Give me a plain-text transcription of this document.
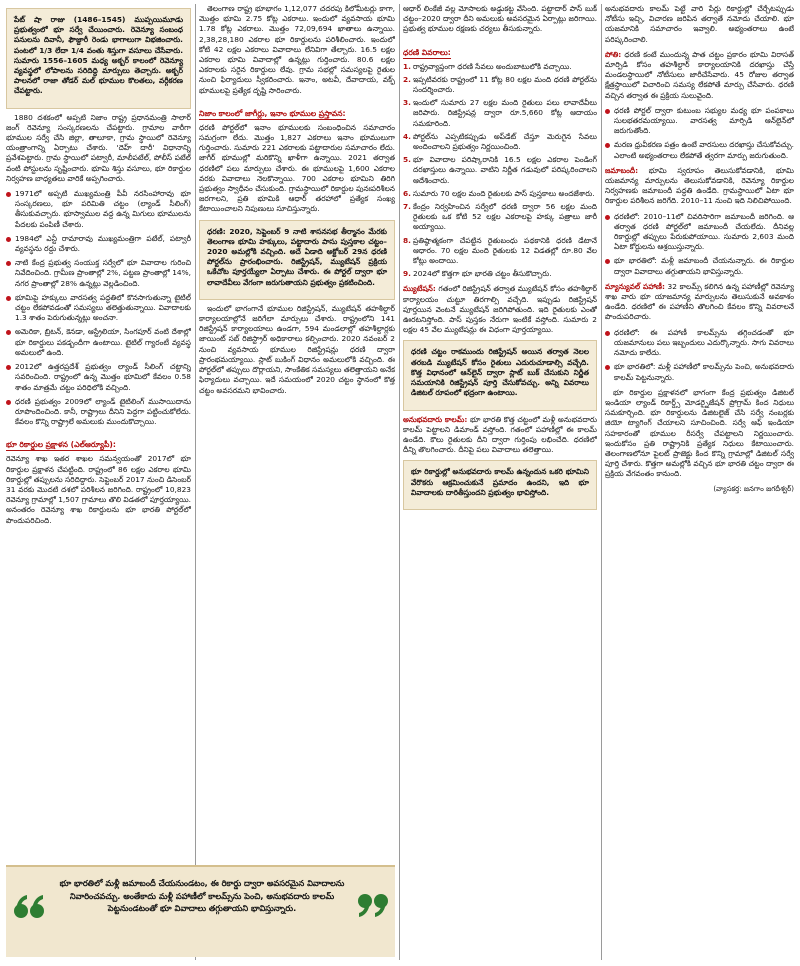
పేట్ షా రాజు (1486–1545) ముప్పయిమూడు ప్రభుత్వంలో భూ సర్వే చేయించారు. రెవెన్యూ సంబంధ పనులను దివానీ, ఫౌజ్దారీ రెండు భాగాలుగా విభజించారు. పంటలో 1/3 లేదా 1/4 వంతు శిస్తుగా వసూలు చేసేవారు. సుమారు 1556–1605 మధ్య అక్బర్ కాలంలో రెవెన్యూ వ్యవస్థలో లోపాలను సరిదిద్ది మార్పులు తెచ్చారు. అక్బర్ పాలనలో రాజా తోడర్ మల్ భూముల కొలతలు, వర్గీకరణ చేపట్టారు.

1880 దశకంలో అప్పటి నిజాం రాష్ట్ర ప్రధానమంత్రి సాలార్ జంగ్ రెవెన్యూ సంస్కరణలను చేపట్టారు. గ్రామాల వారీగా భూముల సర్వే చేసి జిల్లా, తాలూకా, గ్రామ స్థాయిలో రెవెన్యూ యంత్రాంగాన్ని ఏర్పాటు చేశారు. 'దెహ్ దారీ' విధానాన్ని ప్రవేశపెట్టారు. గ్రామ స్థాయిలో పట్వారీ, మాలీపటేల్, పోలీస్ పటేల్ వంటి పోస్టులను సృష్టించారు. భూమి శిస్తు వసూలు, భూ రికార్డుల నిర్వహణ బాధ్యతలు వారికే అప్పగించారు.

1971లో అప్పటి ముఖ్యమంత్రి పీవీ నరసింహారావు భూ సంస్కరణలు, భూ పరిమితి చట్టం (ల్యాండ్ సీలింగ్) తీసుకువచ్చారు. భూస్వాముల వద్ద ఉన్న మిగులు భూములను పేదలకు పంపిణీ చేశారు.
1984లో ఎన్టీ రామారావు ముఖ్యమంత్రిగా పటేల్, పట్వారీ వ్యవస్థను రద్దు చేశారు.
నాటి కేంద్ర ప్రభుత్వ సంయుక్త సర్వేలో భూ వివాదాల గురించి నివేదించింది. గ్రామీణ ప్రాంతాల్లో 2%, పట్టణ ప్రాంతాల్లో 14%, నగర ప్రాంతాల్లో 28% ఉన్నట్లు వెల్లడించింది.
భూమిపై హక్కులు వారసత్వ పద్ధతిలో కొనసాగుతున్నా టైటిల్ చట్టం లేకపోవడంతో సమస్యలు తలెత్తుతున్నాయి. వివాదాలకు 1.3 శాతం పెరుగుతున్నట్లు అంచనా.
అమెరికా, బ్రిటన్, కెనడా, ఆస్ట్రేలియా, సింగపూర్ వంటి దేశాల్లో భూ రికార్డులు పకడ్బందీగా ఉంటాయి. టైటిల్ గ్యారంటీ వ్యవస్థ అమలులో ఉంది.
2012లో ఉత్తరప్రదేశ్ ప్రభుత్వం ల్యాండ్ సీలింగ్ చట్టాన్ని సవరించింది. రాష్ట్రంలో ఉన్న మొత్తం భూమిలో కేవలం 0.58 శాతం మాత్రమే చట్టం పరిధిలోకి వచ్చింది.
ధరణి ప్రభుత్వం 2009లో ల్యాండ్ టైటిలింగ్ ముసాయిదాను రూపొందించింది. కానీ, రాష్ట్రాలు దీనిని పెద్దగా పట్టించుకోలేదు. కేవలం కొన్ని రాష్ట్రాలే అమలుకు ముందుకొచ్చాయి.
భూ రికార్డుల ప్రక్షాళన (ఎల్ఆర్యూపీ):

రెవెన్యూ శాఖ ఇతర శాఖల సమన్వయంతో 2017లో భూ రికార్డుల ప్రక్షాళన చేపట్టింది. రాష్ట్రంలో 86 లక్షల ఎకరాల భూమి రికార్డుల్లో తప్పులను సరిదిద్దారు. సెప్టెంబర్ 2017 నుంచి డిసెంబర్ 31 వరకు మొదటి దశలో పరిశీలన జరిగింది. రాష్ట్రంలో 10,823 రెవెన్యూ గ్రామాల్లో 1,507 గ్రామాలు తొలి విడతలో పూర్తయ్యాయి. అనంతరం రెవెన్యూ శాఖ రికార్డులను భూ భారతి పోర్టల్‌లో పొందుపరిచింది.

తెలంగాణ రాష్ట్ర భూభాగం 1,12,077 చదరపు కిలోమీటర్లు కాగా, మొత్తం భూమి 2.75 కోట్ల ఎకరాలు. ఇందులో వ్యవసాయ భూమి 1.78 కోట్ల ఎకరాలు. మొత్తం 72,09,694 ఖాతాలు ఉన్నాయి. 2,38,28,180 ఎకరాల భూ రికార్డులను పరిశీలించారు. ఇందులో కోటి 42 లక్షల ఎకరాలు వివాదాలు లేనివిగా తేల్చారు. 16.5 లక్షల ఎకరాల భూమి వివాదాల్లో ఉన్నట్లు గుర్తించారు. 80.6 లక్షల ఎకరాలకు సరైన రికార్డులు లేవు. గ్రామ సభల్లో సమస్యలపై రైతుల నుంచి ఫిర్యాదులు స్వీకరించారు. ఇనాం, అటవీ, దేవాదాయ, వక్ఫ్ భూములపై ప్రత్యేక దృష్టి సారించారు.

నిజాం కాలంలో జాగీర్లు, ఇనాం భూముల ప్రస్తావన:

ధరణి పోర్టల్‌లో ఇనాం భూములకు సంబంధించిన సమాచారం సమగ్రంగా లేదు. మొత్తం 1,827 ఎకరాలు ఇనాం భూములుగా గుర్తించారు. సుమారు 221 ఎకరాలకు పట్టాదారుల సమాచారం లేదు. జాగీర్ భూముల్లో మరికొన్ని ఖాళీగా ఉన్నాయి. 2021 తర్వాత ధరణిలో పలు మార్పులు చేశారు. ఈ భూములపై 1,600 ఎకరాల వరకు వివాదాలు నెలకొన్నాయి. 700 ఎకరాల భూమిని తిరిగి ప్రభుత్వం స్వాధీనం చేసుకుంది. గ్రామస్థాయిలో రికార్డుల పునఃపరిశీలన జరగాలని, ప్రతి భూమికి ఆధార్ తరహాలో ప్రత్యేక సంఖ్య కేటాయించాలని నిపుణులు సూచిస్తున్నారు.

ధరణి: 2020, సెప్టెంబర్ 9 నాటి శాసనసభ తీర్మానం మేరకు తెలంగాణ భూమి హక్కులు, పట్టాదారు పాసు పుస్తకాల చట్టం–2020 అమల్లోకి వచ్చింది. అదే ఏడాది అక్టోబర్ 29న ధరణి పోర్టల్‌ను ప్రారంభించారు. రిజిస్ట్రేషన్, మ్యుటేషన్ ప్రక్రియ ఒకేచోట పూర్తయ్యేలా ఏర్పాటు చేశారు. ఈ పోర్టల్ ద్వారా భూ లావాదేవీలు వేగంగా జరుగుతాయని ప్రభుత్వం ప్రకటించింది.

ఇందులో భాగంగానే భూముల రిజిస్ట్రేషన్, మ్యుటేషన్ తహశీల్దార్ కార్యాలయాల్లోనే జరిగేలా మార్పులు చేశారు. రాష్ట్రంలోని 141 రిజిస్ట్రేషన్ కార్యాలయాలు ఉండగా, 594 మండలాల్లో తహశీల్దార్లకు జాయింట్ సబ్ రిజిస్ట్రార్ అధికారాలు కల్పించారు. 2020 నవంబర్ 2 నుంచి వ్యవసాయ భూముల రిజిస్ట్రేషన్లు ధరణి ద్వారా ప్రారంభమయ్యాయి. స్లాట్ బుకింగ్ విధానం అమలులోకి వచ్చింది. ఈ పోర్టల్‌లో తప్పులు దొర్లాయని, సాంకేతిక సమస్యలు తలెత్తాయని అనేక ఫిర్యాదులు వచ్చాయి. ఇదే సమయంలో 2020 చట్టం స్థానంలో కొత్త చట్టం అవసరమని భావించారు.

ఆధార్ లింకేజీ వల్ల మోసాలకు అడ్డుకట్ట వేసింది. పట్టాదార్ పాస్ బుక్ చట్టం–2020 ద్వారా దీని అమలుకు అవసరమైన ఏర్పాట్లు జరిగాయి. ప్రభుత్వ భూముల రక్షణకు చర్యలు తీసుకున్నారు.

ధరణి వివరాలు:
1. రాష్ట్రవ్యాప్తంగా ధరణి సేవలు అందుబాటులోకి వచ్చాయి.
2. ఇప్పటివరకు రాష్ట్రంలో 11 కోట్ల 80 లక్షల మంది ధరణి పోర్టల్‌ను సందర్శించారు.
3. ఇందులో సుమారు 27 లక్షల మంది రైతులు పలు లావాదేవీలు జరిపారు. రిజిస్ట్రేషన్ల ద్వారా రూ.5,660 కోట్ల ఆదాయం సమకూరింది.
4. పోర్టల్‌ను ఎప్పటికప్పుడు అప్‌డేట్ చేస్తూ మెరుగైన సేవలు అందించాలని ప్రభుత్వం నిర్ణయించింది.
5. భూ వివాదాల పరిష్కారానికి 16.5 లక్షల ఎకరాల పెండింగ్ దరఖాస్తులు ఉన్నాయి. వాటిని నిర్ణీత గడువులో పరిష్కరించాలని ఆదేశించారు.
6. సుమారు 70 లక్షల మంది రైతులకు పాస్ పుస్తకాలు అందజేశారు.
7. కేంద్రం నిర్వహించిన సర్వేలో ధరణి ద్వారా 56 లక్షల మంది రైతులకు ఒక కోటి 52 లక్షల ఎకరాలపై హక్కు పత్రాలు జారీ అయ్యాయి.
8. ప్రతిష్ఠాత్మకంగా చేపట్టిన రైతుబంధు పథకానికి ధరణి డేటానే ఆధారం. 70 లక్షల మంది రైతులకు 12 విడతల్లో రూ.80 వేల కోట్లు అందాయి.
9. 2024లో కొత్తగా భూ భారతి చట్టం తీసుకొచ్చారు.

మ్యుటేషన్: గతంలో రిజిస్ట్రేషన్ తర్వాత మ్యుటేషన్ కోసం తహశీల్దార్ కార్యాలయం చుట్టూ తిరగాల్సి వచ్చేది. ఇప్పుడు రిజిస్ట్రేషన్ పూర్తయిన వెంటనే మ్యుటేషన్ జరిగిపోతుంది. ఇది రైతులకు ఎంతో ఊరటనిస్తోంది. పాస్ పుస్తకం నేరుగా ఇంటికే వస్తోంది. సుమారు 2 లక్షల 45 వేల మ్యుటేషన్లు ఈ విధంగా పూర్తయ్యాయి.

ధరణి చట్టం రాకముందు రిజిస్ట్రేషన్ అయిన తర్వాత నెలల తరబడి మ్యుటేషన్ కోసం రైతులు ఎదురుచూడాల్సి వచ్చేది. కొత్త విధానంలో ఆన్‌లైన్ ద్వారా స్లాట్ బుక్ చేసుకుని నిర్ణీత సమయానికి రిజిస్ట్రేషన్ పూర్తి చేసుకోవచ్చు. అన్ని వివరాలు డిజిటల్ రూపంలో భద్రంగా ఉంటాయి.

అనుభవదారు కాలమ్: భూ భారతి కొత్త చట్టంలో మళ్లీ అనుభవదారు కాలమ్ పెట్టాలని డిమాండ్ వస్తోంది. గతంలో పహాణీల్లో ఈ కాలమ్ ఉండేది. కౌలు రైతులకు దీని ద్వారా గుర్తింపు లభించేది. ధరణిలో దీన్ని తొలగించారు. దీనిపై పలు వివాదాలు తలెత్తాయి.

భూ రికార్డుల్లో అనుభవదారు కాలమ్ ఉన్నందున ఒకరి భూమిని వేరొకరు ఆక్రమించుకునే ప్రమాదం ఉందని, ఇది భూ వివాదాలకు దారితీస్తుందని ప్రభుత్వం భావిస్తోంది.

అనుభవదారు కాలమ్ పెట్టే వారి పేర్లు రికార్డుల్లో చేర్చేటప్పుడు నోటీసు ఇచ్చి, విచారణ జరిపిన తర్వాతే నమోదు చేయాలి. భూ యజమానికి సమాచారం ఇవ్వాలి. అభ్యంతరాలు ఉంటే పరిష్కరించాలి.

పోతి: ధరణి కంటే ముందున్న పాత చట్టం ప్రకారం భూమి విరాసత్ మార్పిడి కోసం తహశీల్దార్ కార్యాలయానికి దరఖాస్తు చేస్తే మండలస్థాయిలో నోటీసులు జారీచేసేవారు. 45 రోజుల తర్వాత క్షేత్రస్థాయిలో విచారించి సమస్య లేకపోతే మార్పు చేసేవారు. ధరణి వచ్చిన తర్వాత ఈ ప్రక్రియ సులువైంది.

ధరణి పోర్టల్ ద్వారా కుటుంబ సభ్యుల మధ్య భూ పంపకాలు సులభతరమయ్యాయి. వారసత్వ మార్పిడి ఆన్‌లైన్‌లో జరుగుతోంది.
మరణ ధ్రువీకరణ పత్రం ఉంటే వారసులు దరఖాస్తు చేసుకోవచ్చు. ఎలాంటి అభ్యంతరాలు లేకపోతే త్వరగా మార్పు జరుగుతుంది.

జమాబందీ: భూమి స్వరూపం తెలుసుకోవడానికి, భూమి యజమాన్య మార్పులను తెలుసుకోవడానికి, రెవెన్యూ రికార్డుల నిర్వహణకు జమాబందీ పద్ధతి ఉండేది. గ్రామస్థాయిలో ఏటా భూ రికార్డుల పరిశీలన జరిగేది. 2010–11 నుంచి ఇది నిలిచిపోయింది.

ధరణిలో: 2010–11లో చివరిసారిగా జమాబందీ జరిగింది. ఆ తర్వాత ధరణి పోర్టల్‌లో జమాబందీ చేయలేదు. దీనివల్ల రికార్డుల్లో తప్పులు పేరుకుపోయాయి. సుమారు 2,603 మంది ఏటా కోర్టులను ఆశ్రయిస్తున్నారు.
భూ భారతిలో: మళ్లీ జమాబందీ చేయనున్నారు. ఈ రికార్డుల ద్వారా వివాదాలు తగ్గుతాయని భావిస్తున్నారు.

మ్యాన్యువల్ పహాణీ: 32 కాలమ్స్ కలిగిన ఉన్న పహాణీల్లో రెవెన్యూ శాఖ వారు భూ యాజమాన్య మార్పులను తెలుసుకునే అవకాశం ఉండేది. ధరణిలో ఈ పహాణీని తొలగించి కేవలం కొన్ని వివరాలనే పొందుపరిచారు.

ధరణిలో: ఈ పహాణీ కాలమ్స్‌ను తగ్గించడంతో భూ యజమానులు పలు ఇబ్బందులు ఎదుర్కొన్నారు. సాగు వివరాలు నమోదు కాలేదు.
భూ భారతిలో: మళ్లీ పహాణీలో కాలమ్స్‌ను పెంచి, అనుభవదారు కాలమ్ పెట్టనున్నారు.

భూ రికార్డుల ప్రక్షాళనలో భాగంగా కేంద్ర ప్రభుత్వం డిజిటల్ ఇండియా ల్యాండ్ రికార్డ్స్ మోడర్నైజేషన్ ప్రోగ్రామ్ కింద నిధులు సమకూర్చింది. భూ రికార్డులను డిజిటలైజ్ చేసి సర్వే నంబర్లకు జియో ట్యాగింగ్ చేయాలని సూచించింది. సర్వే ఆఫ్ ఇండియా సహకారంతో భూముల రీసర్వే చేపట్టాలని నిర్ణయించారు. ఇందుకోసం ప్రతి రాష్ట్రానికి ప్రత్యేక నిధులు కేటాయించారు. తెలంగాణలోనూ పైలట్ ప్రాజెక్టు కింద కొన్ని గ్రామాల్లో డిజిటల్ సర్వే పూర్తి చేశారు. కొత్తగా అమల్లోకి వచ్చిన భూ భారతి చట్టం ద్వారా ఈ ప్రక్రియ వేగవంతం కానుంది.

(వ్యాసకర్త: జనగాం జగదీశ్వర్)
భూ భారతిలో మళ్లీ జమాబందీ చేయనుండటం, ఈ రికార్డు ద్వారా అవసరమైన వివాదాలను నివారించవచ్చు. అంతేకాదు మళ్లీ పహాణీలో కాలమ్స్‌ను పెంచి, అనుభవదారు కాలమ్ పెట్టనుండటంతో భూ వివాదాలు తగ్గుతాయని భావిస్తున్నారు.
